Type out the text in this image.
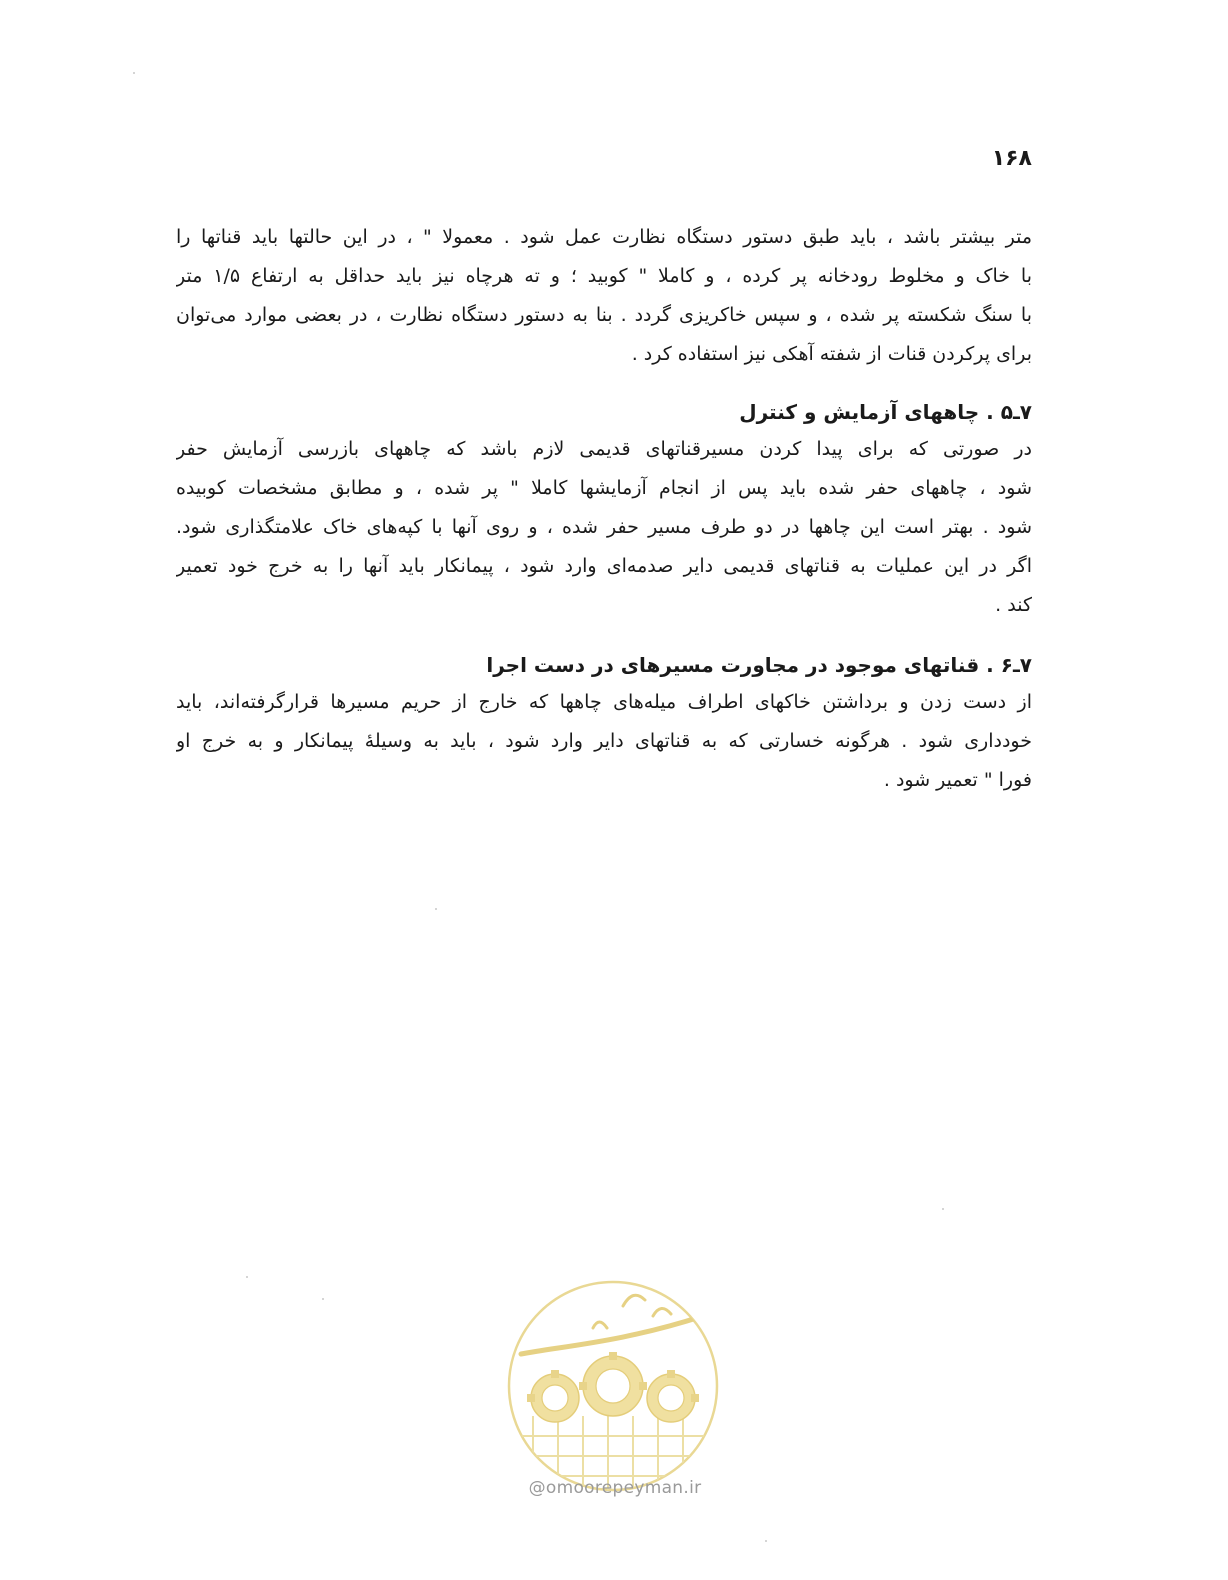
۱۶۸
متر بیشتر باشد ، باید طبق دستور دستگاه نظارت عمل شود . معمولا " ، در این حالتها باید قناتها را
با خاک و مخلوط رودخانه پر کرده ، و کاملا " کوبید ؛ و ته هرچاه نیز باید حداقل به ارتفاع ۱/۵ متر
با سنگ شکسته پر شده ، و سپس خاکریزی گردد . بنا به دستور دستگاه نظارت ، در بعضی موارد می‌توان
برای پرکردن قنات از شفته آهکی نیز استفاده کرد .
۷ـ۵ . چاههای آزمایش و کنترل
در صورتی که برای پیدا کردن مسیرقناتهای قدیمی لازم باشد که چاههای بازرسی آزمایش حفر
شود ، چاههای حفر شده باید پس از انجام آزمایشها کاملا " پر شده ، و مطابق مشخصات کوبیده
شود . بهتر است این چاهها در دو طرف مسیر حفر شده ، و روی آنها با کپه‌های خاک علامتگذاری شود.
اگر در این عملیات به قناتهای قدیمی دایر صدمه‌ای وارد شود ، پیمانکار باید آنها را به خرج خود تعمیر
کند .
۷ـ۶ . قناتهای موجود در مجاورت مسیرهای در دست اجرا
از دست زدن و برداشتن خاکهای اطراف میله‌های چاهها که خارج از حریم مسیرها قرارگرفته‌اند، باید
خودداری شود . هرگونه خسارتی که به قناتهای دایر وارد شود ، باید به وسیلهٔ پیمانکار و به خرج او
فورا " تعمیر شود .
@omoorepeyman.ir
